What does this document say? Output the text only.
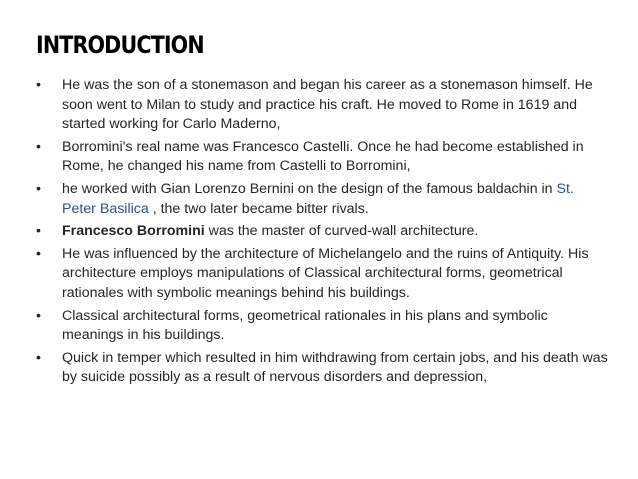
INTRODUCTION
• He was the son of a stonemason and began his career as a stonemason himself. He soon went to Milan to study and practice his craft. He moved to Rome in 1619 and started working for Carlo Maderno,
• Borromini's real name was Francesco Castelli. Once he had become established in Rome, he changed his name from Castelli to Borromini,
• he worked with Gian Lorenzo Bernini on the design of the famous baldachin in St. Peter Basilica , the two later became bitter rivals.
• Francesco Borromini was the master of curved-wall architecture.
• He was influenced by the architecture of Michelangelo and the ruins of Antiquity. His architecture employs manipulations of Classical architectural forms, geometrical rationales with symbolic meanings behind his buildings.
• Classical architectural forms, geometrical rationales in his plans and symbolic meanings in his buildings.
• Quick in temper which resulted in him withdrawing from certain jobs, and his death was by suicide possibly as a result of nervous disorders and depression,
